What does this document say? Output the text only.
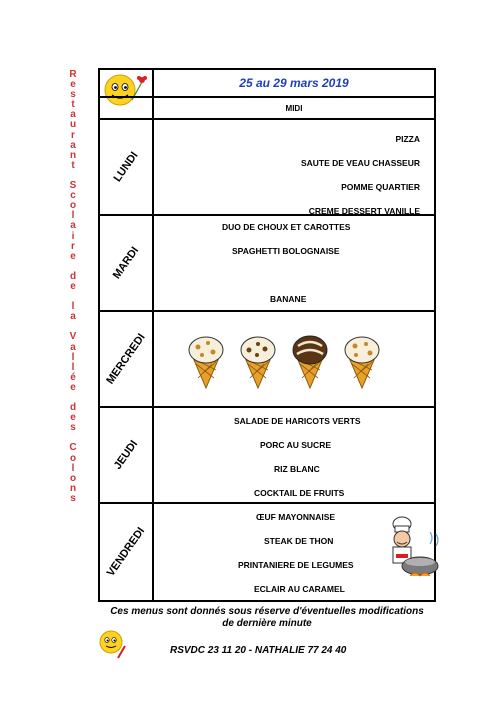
R
e
s
t
a
u
r
a
n
t

S
c
o
l
a
i
r
e

d
e

l
a

V
a
l
l
é
e

d
e
s

C
o
l
o
n
s
25 au 29 mars 2019
MIDI
LUNDI
PIZZA
SAUTE DE VEAU CHASSEUR
POMME QUARTIER
CREME DESSERT VANILLE
MARDI
DUO DE CHOUX ET CAROTTES
SPAGHETTI BOLOGNAISE
BANANE
MERCREDI
JEUDI
SALADE DE HARICOTS VERTS
PORC AU SUCRE
RIZ BLANC
COCKTAIL DE FRUITS
VENDREDI
ŒUF MAYONNAISE
STEAK DE THON
PRINTANIERE DE LEGUMES
ECLAIR AU CARAMEL
Ces menus sont donnés sous réserve d'éventuelles modifications
de dernière minute
RSVDC 23 11 20 - NATHALIE 77 24 40
